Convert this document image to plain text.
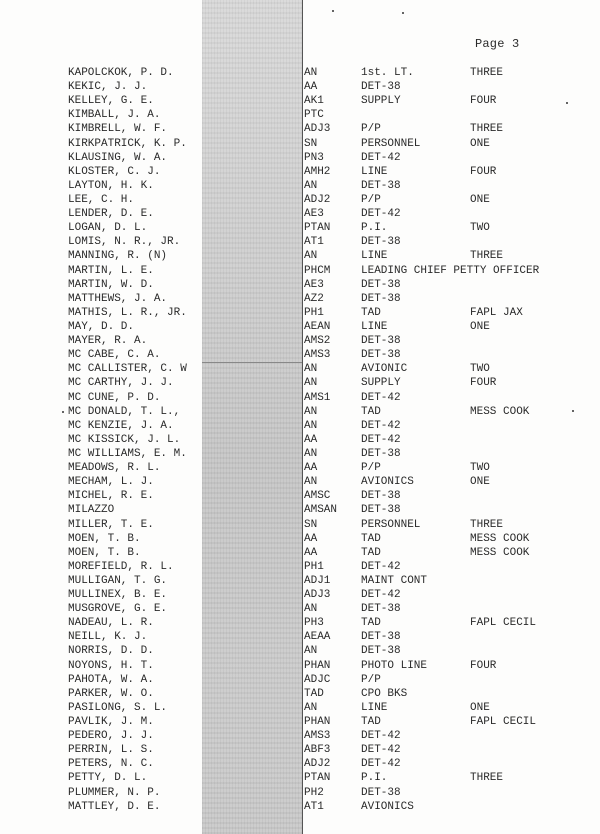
Page 3
KAPOLCKOK, P. D.	AN	1st. LT.	THREE
KEKIC, J. J.	AA	DET-38
KELLEY, G. E.	AK1	SUPPLY	FOUR
KIMBALL, J. A.	PTC
KIMBRELL, W. F.	ADJ3	P/P	THREE
KIRKPATRICK, K. P.	SN	PERSONNEL	ONE
KLAUSING, W. A.	PN3	DET-42
KLOSTER, C. J.	AMH2	LINE	FOUR
LAYTON, H. K.	AN	DET-38
LEE, C. H.	ADJ2	P/P	ONE
LENDER, D. E.	AE3	DET-42
LOGAN, D. L.	PTAN	P.I.	TWO
LOMIS, N. R., JR.	AT1	DET-38
MANNING, R. (N)	AN	LINE	THREE
MARTIN, L. E.	PHCM	LEADING CHIEF PETTY OFFICER
MARTIN, W. D.	AE3	DET-38
MATTHEWS, J. A.	AZ2	DET-38
MATHIS, L. R., JR.	PH1	TAD	FAPL JAX
MAY, D. D.	AEAN	LINE	ONE
MAYER, R. A.	AMS2	DET-38
MC CABE, C. A.	AMS3	DET-38
MC CALLISTER, C. W	AN	AVIONIC	TWO
MC CARTHY, J. J.	AN	SUPPLY	FOUR
MC CUNE, P. D.	AMS1	DET-42
MC DONALD, T. L.,	AN	TAD	MESS COOK
MC KENZIE, J. A.	AN	DET-42
MC KISSICK, J. L.	AA	DET-42
MC WILLIAMS, E. M.	AN	DET-38
MEADOWS, R. L.	AA	P/P	TWO
MECHAM, L. J.	AN	AVIONICS	ONE
MICHEL, R. E.	AMSC	DET-38
MILAZZO	AMSAN DET-38
MILLER, T. E.	SN	PERSONNEL	THREE
MOEN, T. B.	AA	TAD	MESS COOK
MOEN, T. B.	AA	TAD	MESS COOK
MOREFIELD, R. L.	PH1	DET-42
MULLIGAN, T. G.	ADJ1	MAINT CONT
MULLINEX, B. E.	ADJ3	DET-42
MUSGROVE, G. E.	AN	DET-38
NADEAU, L. R.	PH3	TAD	FAPL CECIL
NEILL, K. J.	AEAA	DET-38
NORRIS, D. D.	AN	DET-38
NOYONS, H. T.	PHAN	PHOTO LINE	FOUR
PAHOTA, W. A.	ADJC	P/P
PARKER, W. O.	TAD	CPO BKS
PASILONG, S. L.	AN	LINE	ONE
PAVLIK, J. M.	PHAN	TAD	FAPL CECIL
PEDERO, J. J.	AMS3	DET-42
PERRIN, L. S.	ABF3	DET-42
PETERS, N. C.	ADJ2	DET-42
PETTY, D. L.	PTAN	P.I.	THREE
PLUMMER, N. P.	PH2	DET-38
MATTLEY, D. E.	AT1	AVIONICS
